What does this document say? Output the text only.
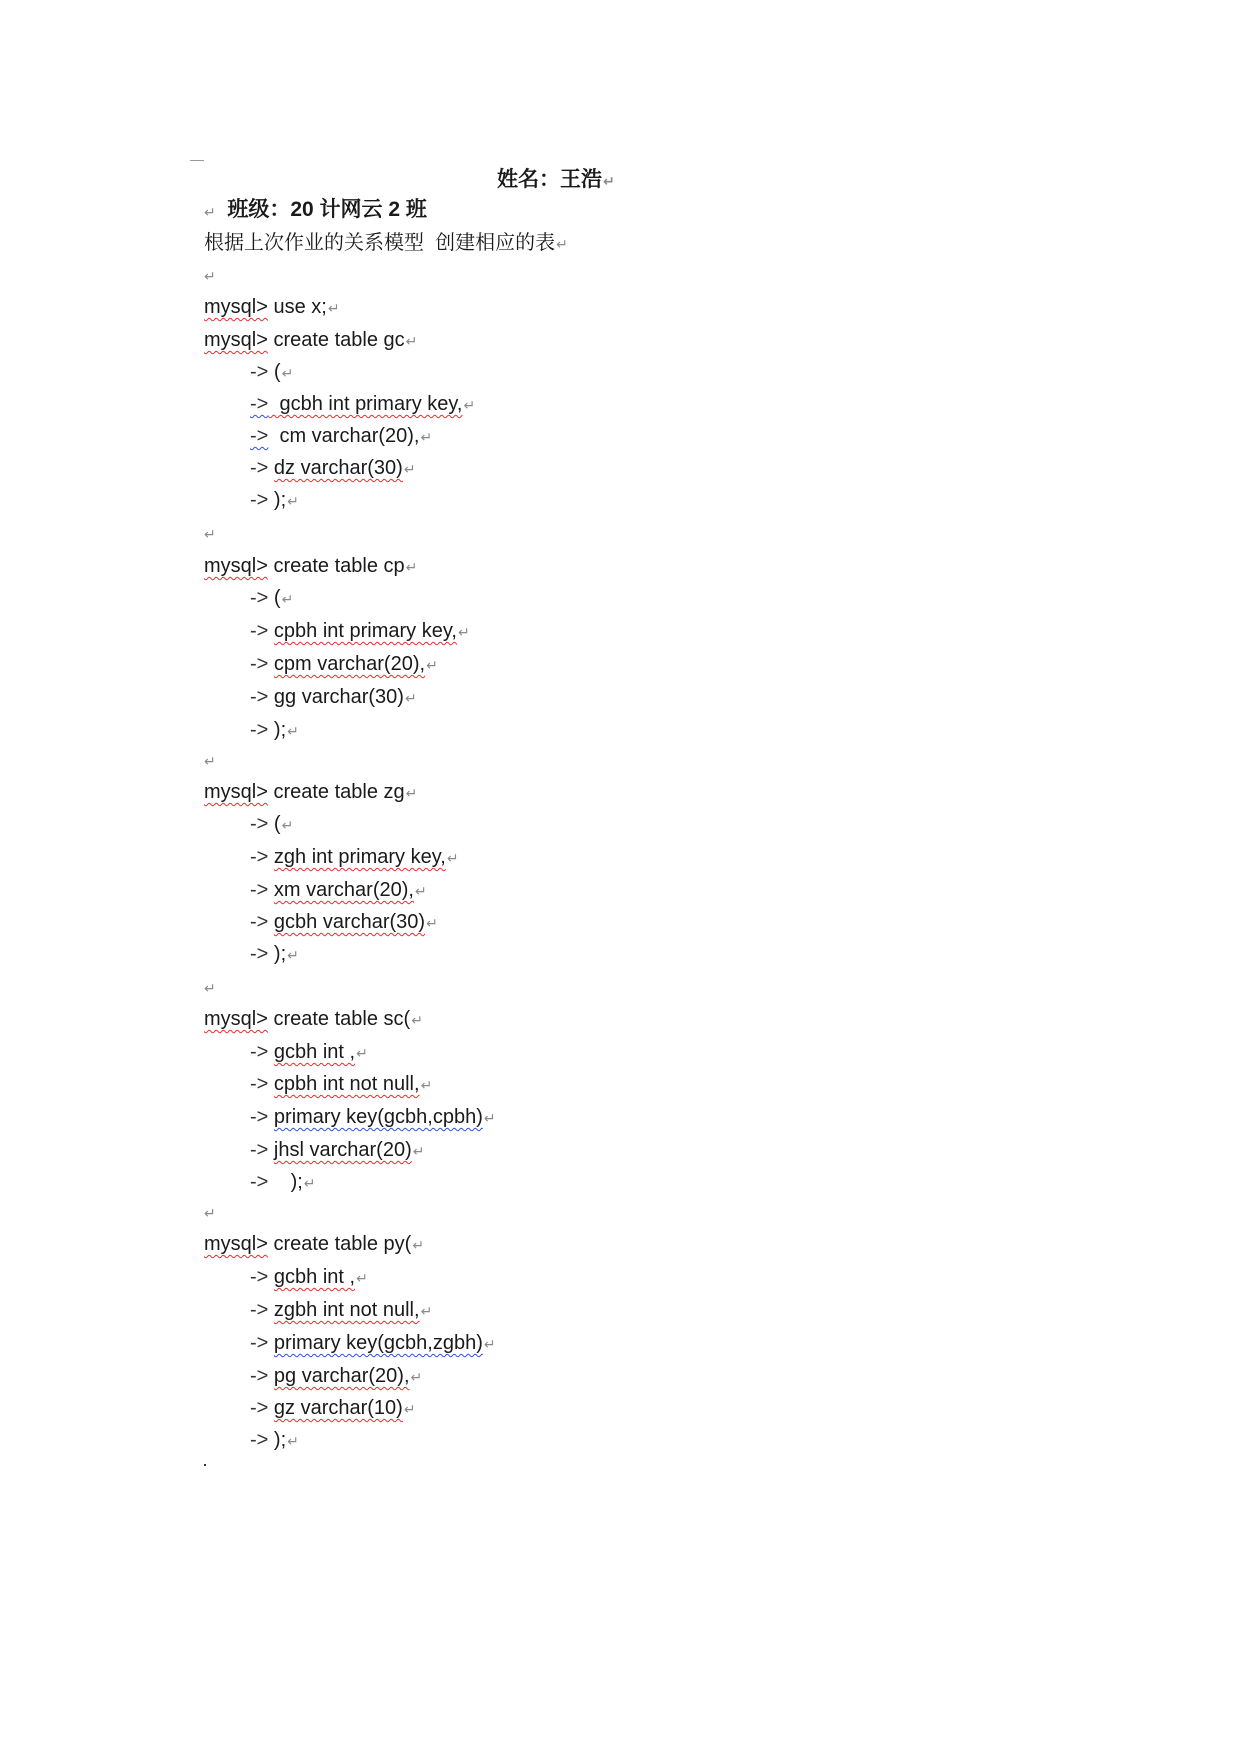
班级：20 计网云 2 班

姓名：王浩↵

↵
根据上次作业的关系模型  创建相应的表↵
↵
mysql> use x;↵
mysql> create table gc↵
-> (↵
->  gcbh int primary key,↵
->  cm varchar(20),↵
-> dz varchar(30)↵
-> );↵
↵
mysql> create table cp↵
-> (↵
-> cpbh int primary key,↵
-> cpm varchar(20),↵
-> gg varchar(30)↵
-> );↵
↵
mysql> create table zg↵
-> (↵
-> zgh int primary key,↵
-> xm varchar(20),↵
-> gcbh varchar(30)↵
-> );↵
↵
mysql> create table sc(↵
-> gcbh int ,↵
-> cpbh int not null,↵
-> primary key(gcbh,cpbh)↵
-> jhsl varchar(20)↵
->    );↵
↵
mysql> create table py(↵
-> gcbh int ,↵
-> zgbh int not null,↵
-> primary key(gcbh,zgbh)↵
-> pg varchar(20),↵
-> gz varchar(10)↵
-> );↵
